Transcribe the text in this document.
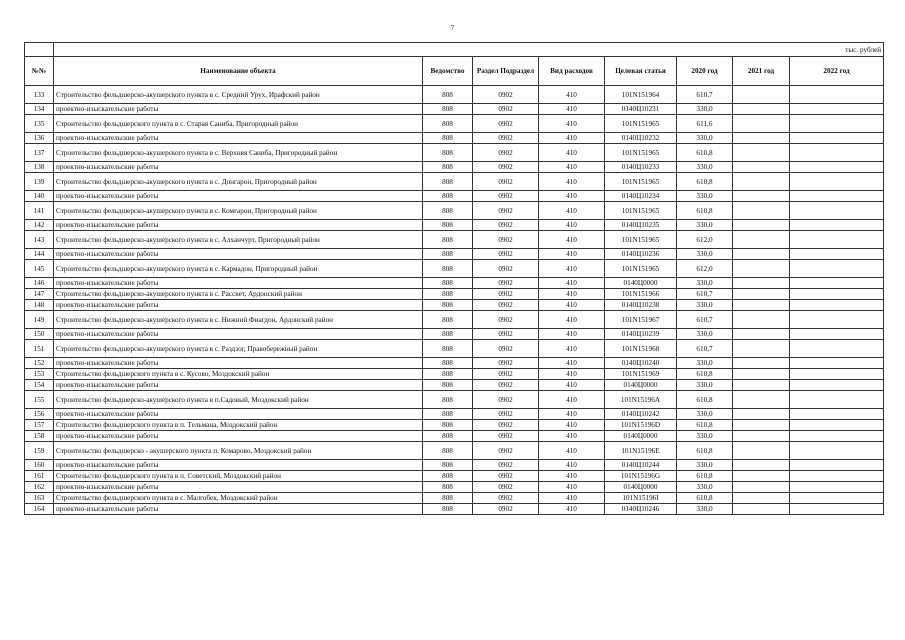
7
	тыс. рублей							
№№	Наименование объекта	Ведомство	Раздел Подраздел	Вид расходов	Целевая статья	2020 год	2021 год	2022 год
133	Строительство фельдшерско-акушерского пункта в с. Средний Урух, Ирафский район	808	0902	410	101N151964	610,7		
134	проектно-изыскательские работы	808	0902	410	0140Ц10231	330,0		
135	Строительство фельдшерского пункта в с. Старая Саниба, Пригородный район	808	0902	410	101N151965	611,6		
136	проектно-изыскательские работы	808	0902	410	0140Ц10232	330,0		
137	Строительство фельдшерско-акушерского пункта в с. Верхняя Саниба, Пригородный район	808	0902	410	101N151965	610,8		
138	проектно-изыскательские работы	808	0902	410	0140Ц10233	330,0		
139	Строительство фельдшерско-акушерского пункта в с. Донгарон, Пригородный район	808	0902	410	101N151965	610,8		
140	проектно-изыскательские работы	808	0902	410	0140Ц10234	330,0		
141	Строительство фельдшерско-акушерского пункта в с. Комгарон, Пригородный район	808	0902	410	101N151965	610,8		
142	проектно-изыскательские работы	808	0902	410	0140Ц10235	330,0		
143	Строительство фельдшерско-акушерского пункта в с. Алханчурт, Пригородный район	808	0902	410	101N151965	612,0		
144	проектно-изыскательские работы	808	0902	410	0140Ц10236	330,0		
145	Строительство фельдшерско-акушерского пункта в с. Кармадон, Пригородный район	808	0902	410	101N151965	612,0		
146	проектно-изыскательские работы	808	0902	410	0140Ц0000	330,0		
147	Строительство фельдшерско-акушерского пункта в с. Рассвет, Ардонский район	808	0902	410	101N151966	610,7		
148	проектно-изыскательские работы	808	0902	410	0140Ц10238	330,0		
149	Строительство фельдшерско-акушерского пункта в с. Нижний Фиагдон, Ардонский район	808	0902	410	101N151967	610,7		
150	проектно-изыскательские работы	808	0902	410	0140Ц10239	330,0		
151	Строительство фельдшерско-акушерского пункта в с. Раздзог, Правобережный район	808	0902	410	101N151968	610,7		
152	проектно-изыскательские работы	808	0902	410	0140Ц10240	330,0		
153	Строительство фельдшерского пункта в с. Кусово, Моздокский район	808	0902	410	101N151969	610,8		
154	проектно-изыскательские работы	808	0902	410	0140Ц0000	330,0		
155	Строительство фельдшерско-акушерского пункта в п.Садовый, Моздокский район	808	0902	410	101N15196A	610,8		
156	проектно-изыскательские работы	808	0902	410	0140Ц10242	330,0		
157	Строительство фельдшерского пункта в п. Тельмана, Моздокский район	808	0902	410	101N15196D	610,8		
158	проектно-изыскательские работы	808	0902	410	0140Ц0000	330,0		
159	Строительство фельдшерско - акушерского пункта п. Комарово, Моздокский район	808	0902	410	101N15196E	610,8		
160	проектно-изыскательские работы	808	0902	410	0140Ц10244	330,0		
161	Строительство фельдшерского пункта в п. Советский, Моздокский район	808	0902	410	101N15196G	610,8		
162	проектно-изыскательские работы	808	0902	410	0140Ц0000	330,0		
163	Строительство фельдшерского пункта в с. Малгобек, Моздокский район	808	0902	410	101N15196I	610,8		
164	проектно-изыскательские работы	808	0902	410	0140Ц10246	330,0		
